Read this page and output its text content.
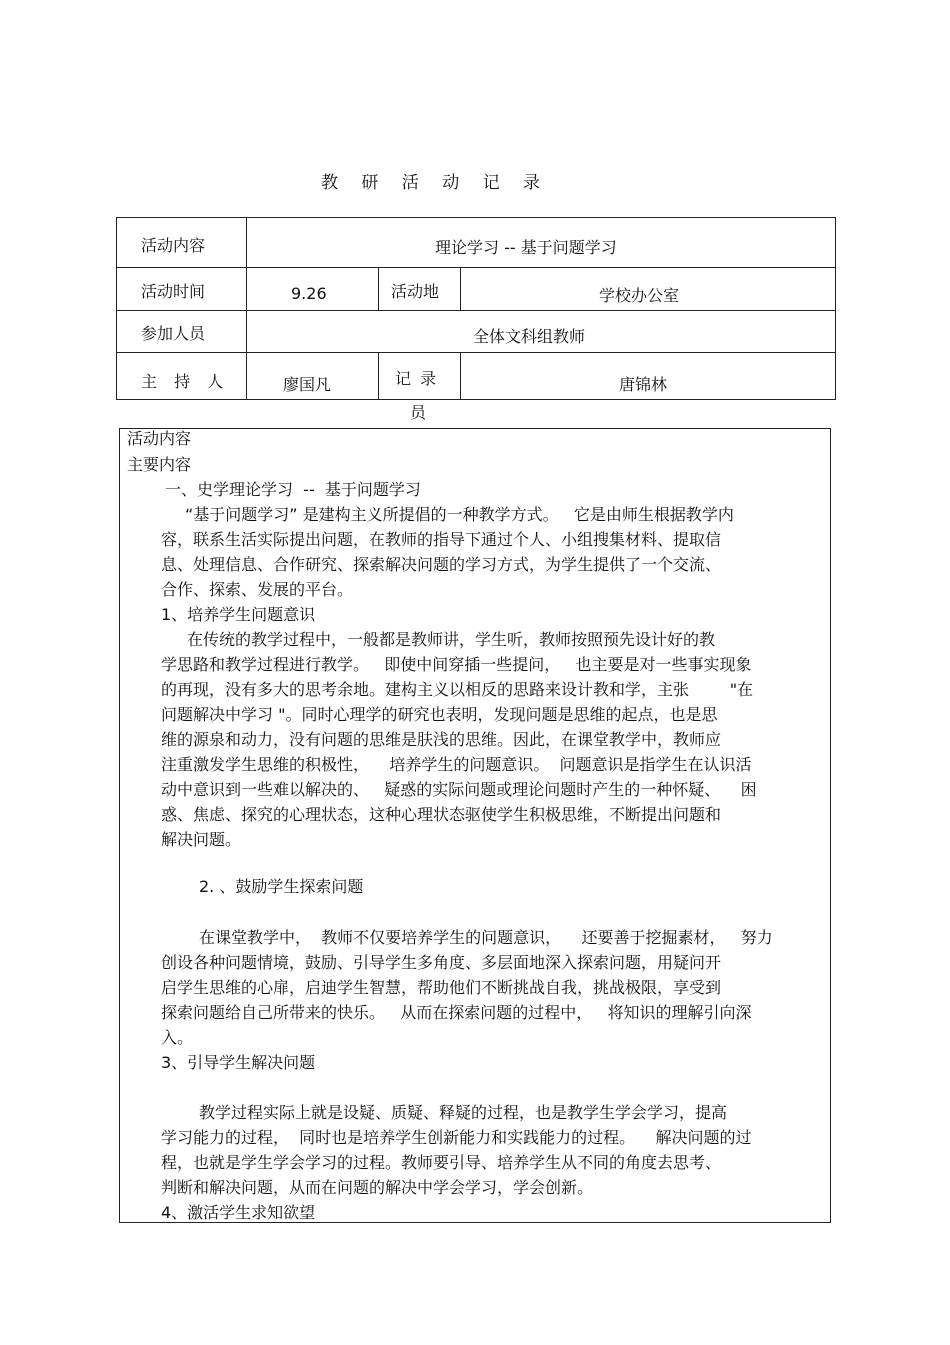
教 研 活 动 记 录
活动内容	理论学习 -- 基于问题学习
活动时间	9.26	活动地	学校办公室
参加人员	全体文科组教师
主 持 人	廖国凡	记 录	唐锦林
员
活动内容
主要内容
一、史学理论学习  --  基于问题学习
“基于问题学习” 是建构主义所提倡的一种教学方式。   它是由师生根据教学内
容，联系生活实际提出问题，在教师的指导下通过个人、小组搜集材料、提取信
息、处理信息、合作研究、探索解决问题的学习方式，为学生提供了一个交流、
合作、探索、发展的平台。
1、培养学生问题意识
在传统的教学过程中，一般都是教师讲，学生听，教师按照预先设计好的教
学思路和教学过程进行教学。   即使中间穿插一些提问，   也主要是对一些事实现象
的再现，没有多大的思考余地。建构主义以相反的思路来设计教和学，主张        "在
问题解决中学习 "。同时心理学的研究也表明，发现问题是思维的起点，也是思
维的源泉和动力，没有问题的思维是肤浅的思维。因此，在课堂教学中，教师应
注重激发学生思维的积极性，    培养学生的问题意识。  问题意识是指学生在认识活
动中意识到一些难以解决的、   疑惑的实际问题或理论问题时产生的一种怀疑、    困
惑、焦虑、探究的心理状态，这种心理状态驱使学生积极思维，不断提出问题和
解决问题。
2. 、鼓励学生探索问题
在课堂教学中，  教师不仅要培养学生的问题意识，    还要善于挖掘素材，   努力
创设各种问题情境，鼓励、引导学生多角度、多层面地深入探索问题，用疑问开
启学生思维的心扉，启迪学生智慧，帮助他们不断挑战自我，挑战极限，享受到
探索问题给自己所带来的快乐。   从而在探索问题的过程中，   将知识的理解引向深
入。
3、引导学生解决问题
教学过程实际上就是设疑、质疑、释疑的过程，也是教学生学会学习，提高
学习能力的过程，  同时也是培养学生创新能力和实践能力的过程。    解决问题的过
程，也就是学生学会学习的过程。教师要引导、培养学生从不同的角度去思考、
判断和解决问题，从而在问题的解决中学会学习，学会创新。
4、激活学生求知欲望
